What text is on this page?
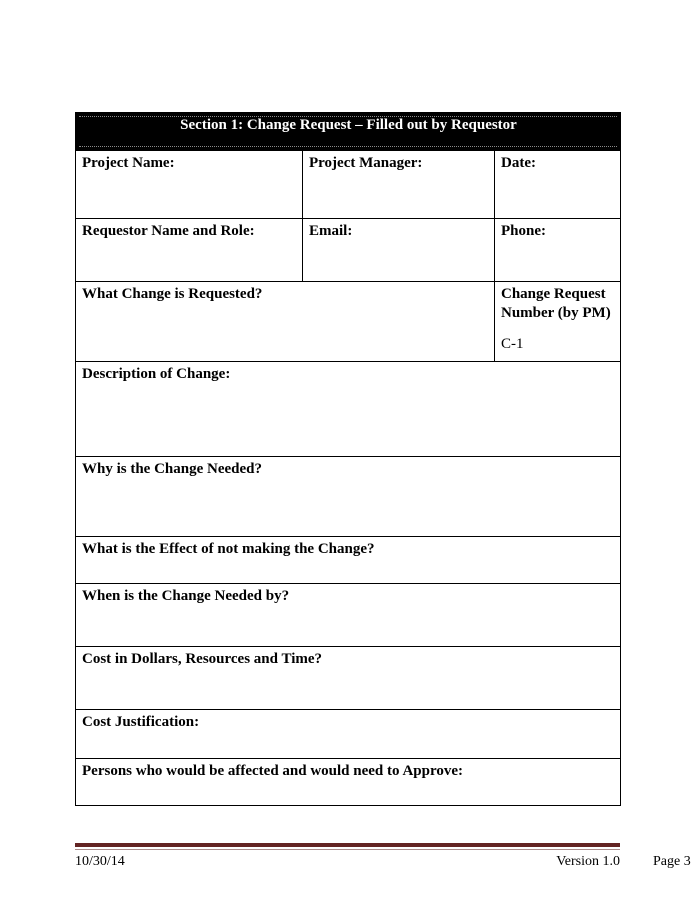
Section 1: Change Request – Filled out by Requestor		
Project Name:	Project Manager:	Date:
Requestor Name and Role:	Email:	Phone:
What Change is Requested?		Change Request Number (by PM)
C-1

Description of Change:		
Why is the Change Needed?		
What is the Effect of not making the Change?		
When is the Change Needed by?		
Cost in Dollars, Resources and Time?		
Cost Justification:		
Persons who would be affected and would need to Approve:		
10/30/14	Version 1.0 Page 3
